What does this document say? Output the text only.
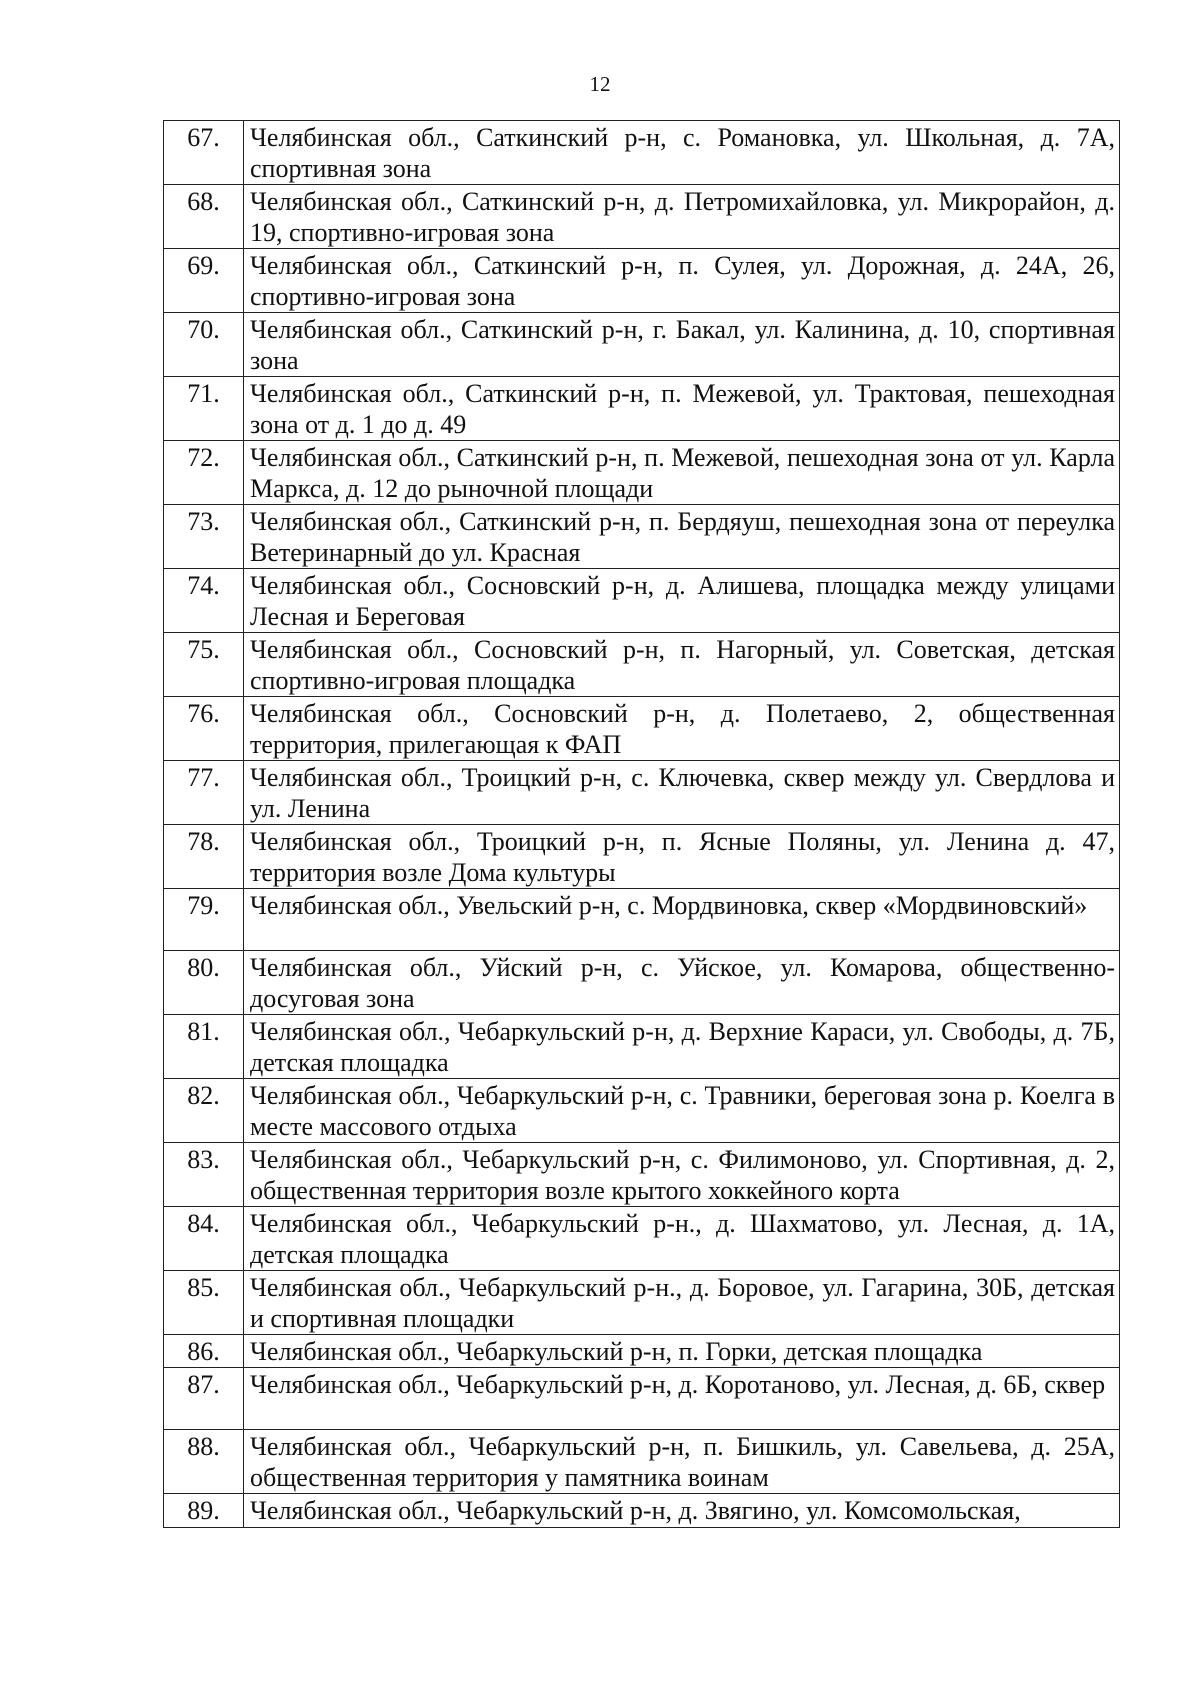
12
67.	Челябинская обл., Саткинский р-н, с. Романовка, ул. Школьная, д. 7А, спортивная зона
68.	Челябинская обл., Саткинский р-н, д. Петромихайловка, ул. Микрорайон, д. 19, спортивно-игровая зона
69.	Челябинская обл., Саткинский р-н, п. Сулея, ул. Дорожная, д. 24А, 26, спортивно-игровая зона
70.	Челябинская обл., Саткинский р-н, г. Бакал, ул. Калинина, д. 10, спортивная зона
71.	Челябинская обл., Саткинский р-н, п. Межевой, ул. Трактовая, пешеходная зона от д. 1 до д. 49
72.	Челябинская обл., Саткинский р-н, п. Межевой, пешеходная зона от ул. Карла Маркса, д. 12 до рыночной площади
73.	Челябинская обл., Саткинский р-н, п. Бердяуш, пешеходная зона от переулка Ветеринарный до ул. Красная
74.	Челябинская обл., Сосновский р-н, д. Алишева, площадка между улицами Лесная и Береговая
75.	Челябинская обл., Сосновский р-н, п. Нагорный, ул. Советская, детская спортивно-игровая площадка
76.	Челябинская обл., Сосновский р-н, д. Полетаево, 2, общественная территория, прилегающая к ФАП
77.	Челябинская обл., Троицкий р-н, с. Ключевка, сквер между ул. Свердлова и ул. Ленина
78.	Челябинская обл., Троицкий р-н, п. Ясные Поляны, ул. Ленина д. 47, территория возле Дома культуры
79.	Челябинская обл., Увельский р-н, с. Мордвиновка, сквер «Мордвиновский»
80.	Челябинская обл., Уйский р-н, с. Уйское, ул. Комарова, общественно-досуговая зона
81.	Челябинская обл., Чебаркульский р-н, д. Верхние Караси, ул. Свободы, д. 7Б, детская площадка
82.	Челябинская обл., Чебаркульский р-н, с. Травники, береговая зона р. Коелга в месте массового отдыха
83.	Челябинская обл., Чебаркульский р-н, с. Филимоново, ул. Спортивная, д. 2, общественная территория возле крытого хоккейного корта
84.	Челябинская обл., Чебаркульский р-н., д. Шахматово, ул. Лесная, д. 1А, детская площадка
85.	Челябинская обл., Чебаркульский р-н., д. Боровое, ул. Гагарина, 30Б, детская и спортивная площадки
86.	Челябинская обл., Чебаркульский р-н, п. Горки, детская площадка
87.	Челябинская обл., Чебаркульский р-н, д. Коротаново, ул. Лесная, д. 6Б, сквер
88.	Челябинская обл., Чебаркульский р-н, п. Бишкиль, ул. Савельева, д. 25А, общественная территория у памятника воинам
89.	Челябинская обл., Чебаркульский р-н, д. Звягино, ул. Комсомольская,
